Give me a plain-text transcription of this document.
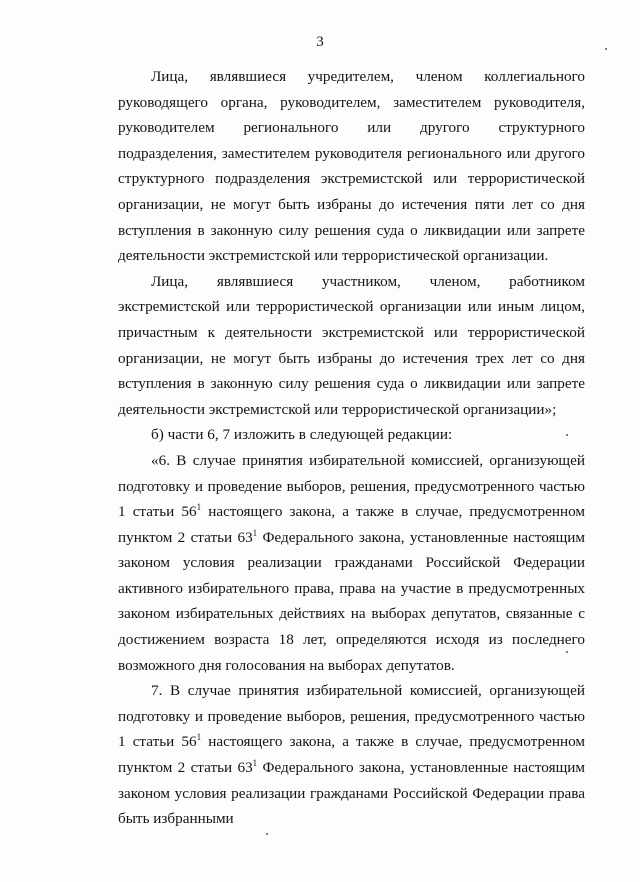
3

Лица, являвшиеся учредителем, членом коллегиального руководящего органа, руководителем, заместителем руководителя, руководителем регионального или другого структурного подразделения, заместителем руководителя регионального или другого структурного подразделения экстремистской или террористической организации, не могут быть избраны до истечения пяти лет со дня вступления в законную силу решения суда о ликвидации или запрете деятельности экстремистской или террористической организации.

Лица, являвшиеся участником, членом, работником экстремистской или террористической организации или иным лицом, причастным к деятельности экстремистской или террористической организации, не могут быть избраны до истечения трех лет со дня вступления в законную силу решения суда о ликвидации или запрете деятельности экстремистской или террористической организации»;

б) части 6, 7 изложить в следующей редакции:

«6. В случае принятия избирательной комиссией, организующей подготовку и проведение выборов, решения, предусмотренного частью 1 статьи $56^1$ настоящего закона, а также в случае, предусмотренном пунктом 2 статьи $63^1$ Федерального закона, установленные настоящим законом условия реализации гражданами Российской Федерации активного избирательного права, права на участие в предусмотренных законом избирательных действиях на выборах депутатов, связанные с достижением возраста 18 лет, определяются исходя из последнего возможного дня голосования на выборах депутатов.

7. В случае принятия избирательной комиссией, организующей подготовку и проведение выборов, решения, предусмотренного частью 1 статьи $56^1$ настоящего закона, а также в случае, предусмотренном пунктом 2 статьи $63^1$ Федерального закона, установленные настоящим законом условия реализации гражданами Российской Федерации права быть избранными
